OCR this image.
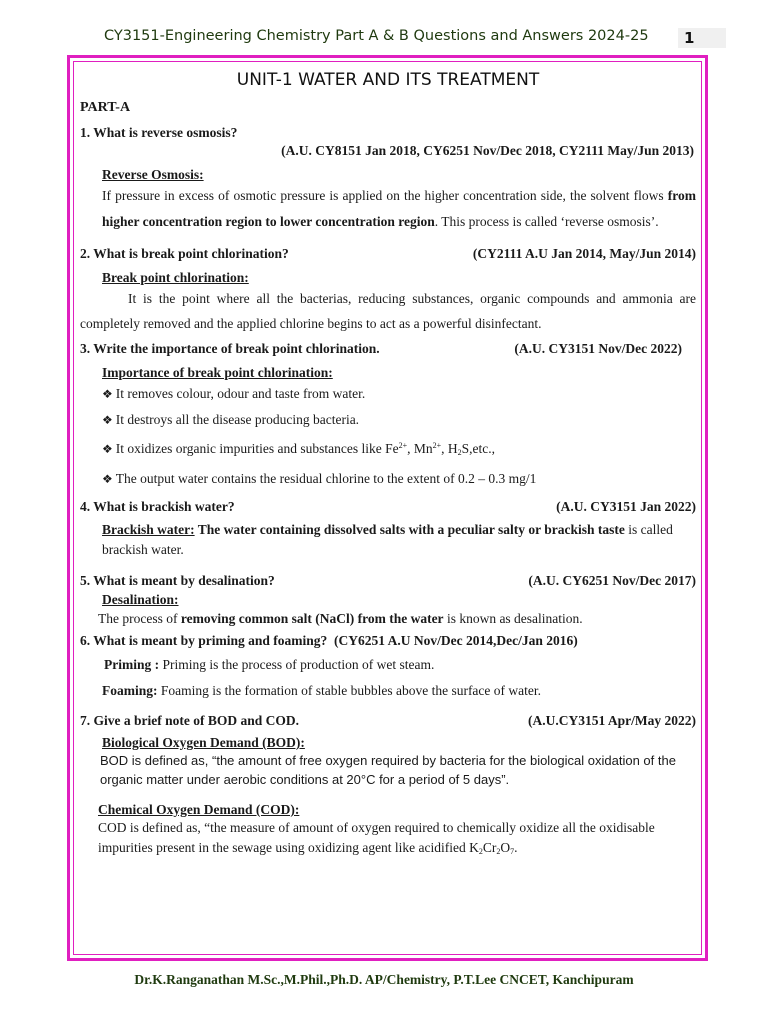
CY3151-Engineering Chemistry Part A & B Questions and Answers 2024-25	1
UNIT-1 WATER AND ITS TREATMENT
PART-A
1. What is reverse osmosis?
(A.U. CY8151 Jan 2018, CY6251 Nov/Dec 2018, CY2111 May/Jun 2013)
Reverse Osmosis:
If pressure in excess of osmotic pressure is applied on the higher concentration side, the solvent flows from higher concentration region to lower concentration region. This process is called ‘reverse osmosis’.
2. What is break point chlorination?	(CY2111 A.U Jan 2014, May/Jun 2014)
Break point chlorination:
It is the point where all the bacterias, reducing substances, organic compounds and ammonia are completely removed and the applied chlorine begins to act as a powerful disinfectant.
3. Write the importance of break point chlorination.	(A.U. CY3151 Nov/Dec 2022)
Importance of break point chlorination:
❖ It removes colour, odour and taste from water.
❖ It destroys all the disease producing bacteria.
❖ It oxidizes organic impurities and substances like $Fe^{2+}$, $Mn^{2+}$, H2S,etc.,
❖ The output water contains the residual chlorine to the extent of 0.2 – 0.3 mg/1
4. What is brackish water?	(A.U. CY3151 Jan 2022)
Brackish water: The water containing dissolved salts with a peculiar salty or brackish taste is called brackish water.
5. What is meant by desalination?	(A.U. CY6251 Nov/Dec 2017)
Desalination:
The process of removing common salt (NaCl) from the water is known as desalination.
6. What is meant by priming and foaming? (CY6251 A.U Nov/Dec 2014,Dec/Jan 2016)
Priming : Priming is the process of production of wet steam.
Foaming: Foaming is the formation of stable bubbles above the surface of water.
7. Give a brief note of BOD and COD.	(A.U.CY3151 Apr/May 2022)
Biological Oxygen Demand (BOD):
BOD is defined as, “the amount of free oxygen required by bacteria for the biological oxidation of the organic matter under aerobic conditions at 20°C for a period of 5 days”.
Chemical Oxygen Demand (COD):
COD is defined as, “the measure of amount of oxygen required to chemically oxidize all the oxidisable impurities present in the sewage using oxidizing agent like acidified K2Cr2O7.
Dr.K.Ranganathan M.Sc.,M.Phil.,Ph.D. AP/Chemistry, P.T.Lee CNCET, Kanchipuram
